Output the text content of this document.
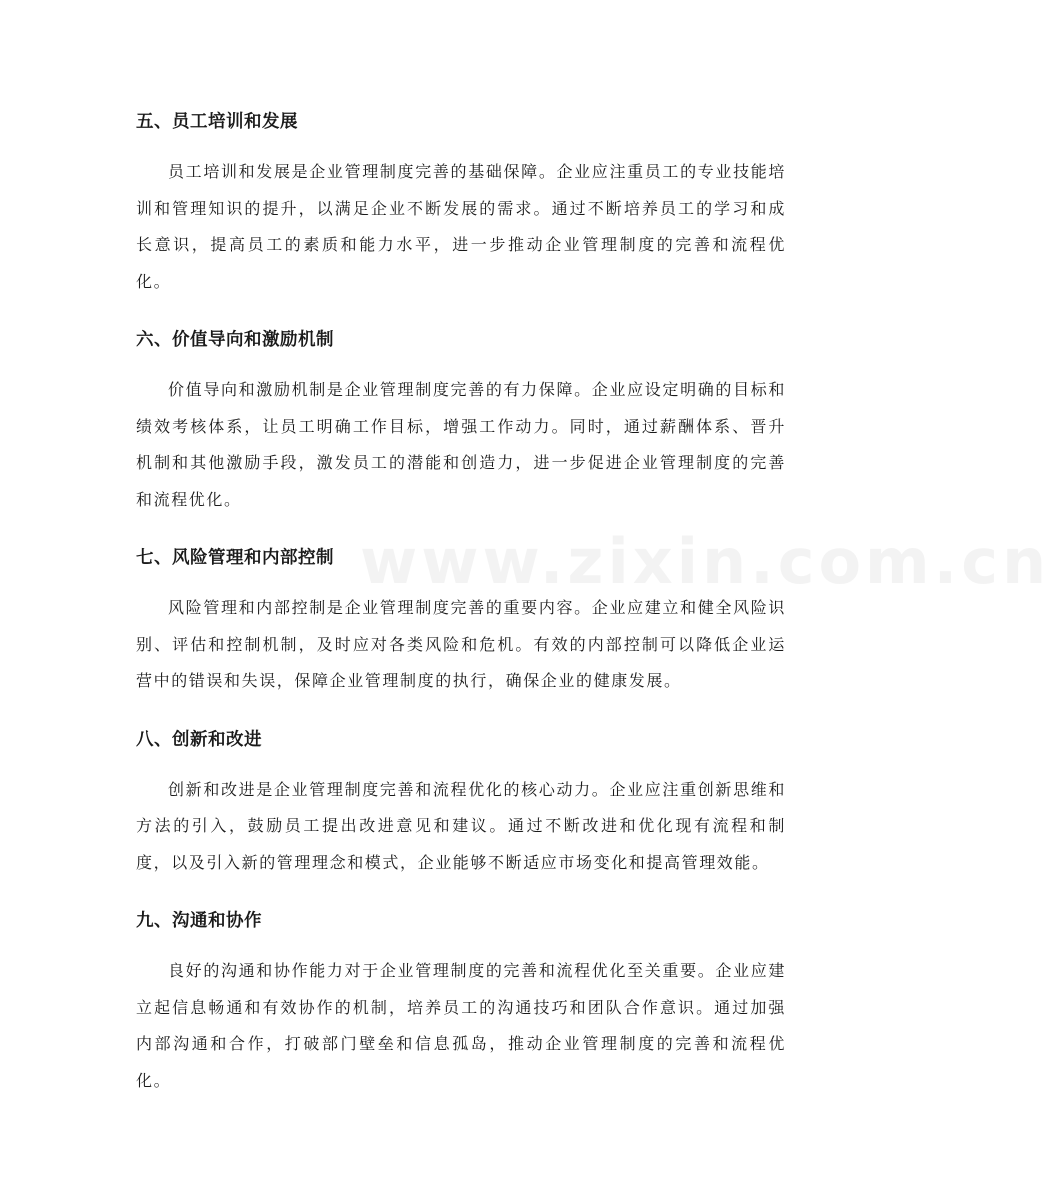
www.zixin.com.cn
五、员工培训和发展

员工培训和发展是企业管理制度完善的基础保障。企业应注重员工的专业技能培训和管理知识的提升，以满足企业不断发展的需求。通过不断培养员工的学习和成长意识，提高员工的素质和能力水平，进一步推动企业管理制度的完善和流程优化。

六、价值导向和激励机制

价值导向和激励机制是企业管理制度完善的有力保障。企业应设定明确的目标和绩效考核体系，让员工明确工作目标，增强工作动力。同时，通过薪酬体系、晋升机制和其他激励手段，激发员工的潜能和创造力，进一步促进企业管理制度的完善和流程优化。

七、风险管理和内部控制

风险管理和内部控制是企业管理制度完善的重要内容。企业应建立和健全风险识别、评估和控制机制，及时应对各类风险和危机。有效的内部控制可以降低企业运营中的错误和失误，保障企业管理制度的执行，确保企业的健康发展。

八、创新和改进

创新和改进是企业管理制度完善和流程优化的核心动力。企业应注重创新思维和方法的引入，鼓励员工提出改进意见和建议。通过不断改进和优化现有流程和制度，以及引入新的管理理念和模式，企业能够不断适应市场变化和提高管理效能。

九、沟通和协作

良好的沟通和协作能力对于企业管理制度的完善和流程优化至关重要。企业应建立起信息畅通和有效协作的机制，培养员工的沟通技巧和团队合作意识。通过加强内部沟通和合作，打破部门壁垒和信息孤岛，推动企业管理制度的完善和流程优化。
